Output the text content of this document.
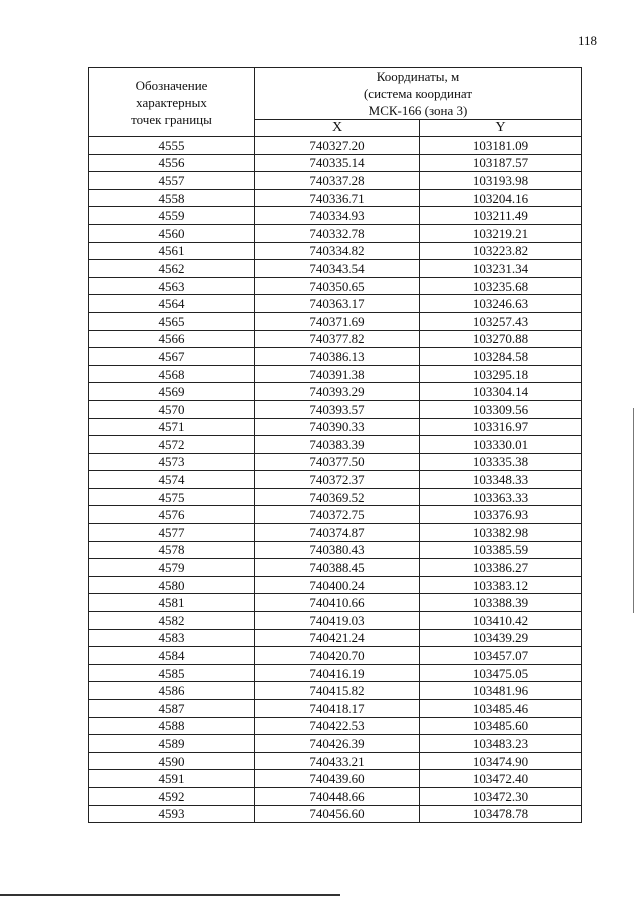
118
Обозначение
характерных
точек границы	Координаты, м
(система координат
МСК-166 (зона 3)	
	X	Y
4555	740327.20	103181.09
4556	740335.14	103187.57
4557	740337.28	103193.98
4558	740336.71	103204.16
4559	740334.93	103211.49
4560	740332.78	103219.21
4561	740334.82	103223.82
4562	740343.54	103231.34
4563	740350.65	103235.68
4564	740363.17	103246.63
4565	740371.69	103257.43
4566	740377.82	103270.88
4567	740386.13	103284.58
4568	740391.38	103295.18
4569	740393.29	103304.14
4570	740393.57	103309.56
4571	740390.33	103316.97
4572	740383.39	103330.01
4573	740377.50	103335.38
4574	740372.37	103348.33
4575	740369.52	103363.33
4576	740372.75	103376.93
4577	740374.87	103382.98
4578	740380.43	103385.59
4579	740388.45	103386.27
4580	740400.24	103383.12
4581	740410.66	103388.39
4582	740419.03	103410.42
4583	740421.24	103439.29
4584	740420.70	103457.07
4585	740416.19	103475.05
4586	740415.82	103481.96
4587	740418.17	103485.46
4588	740422.53	103485.60
4589	740426.39	103483.23
4590	740433.21	103474.90
4591	740439.60	103472.40
4592	740448.66	103472.30
4593	740456.60	103478.78
